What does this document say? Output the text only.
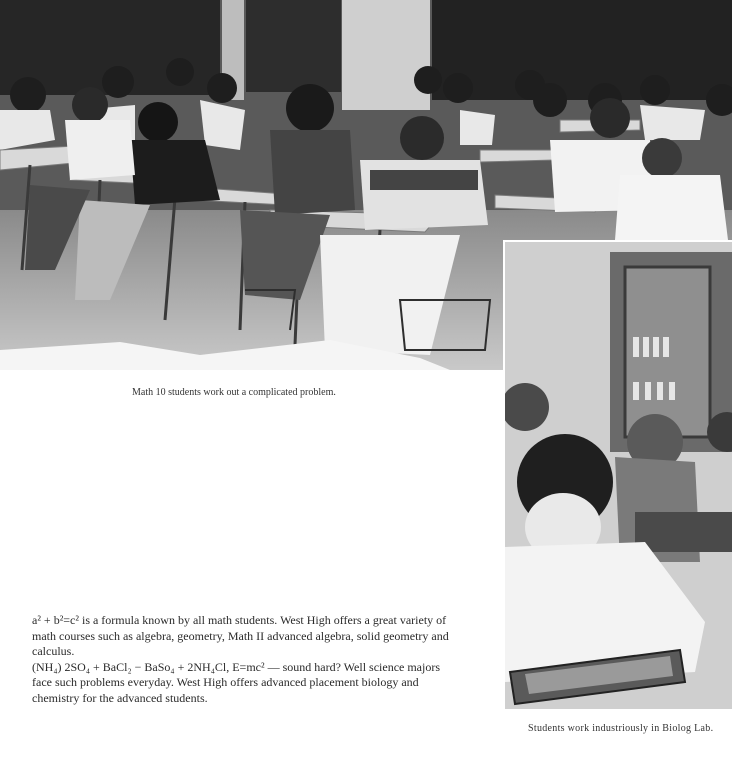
Math 10 students work out a complicated problem.
Students work industriously in Biolog Lab.

a² + b²=c² is a formula known by all math students. West High offers a great variety of math courses such as algebra, geometry, Math II advanced algebra, solid geometry and calculus.

(NH₄) 2SO₄ + BaCl₂ − BaSo₄ + 2NH₄Cl, E=mc² — sound hard? Well science majors face such problems everyday. West High offers advanced placement biology and chemistry for the advanced students.
